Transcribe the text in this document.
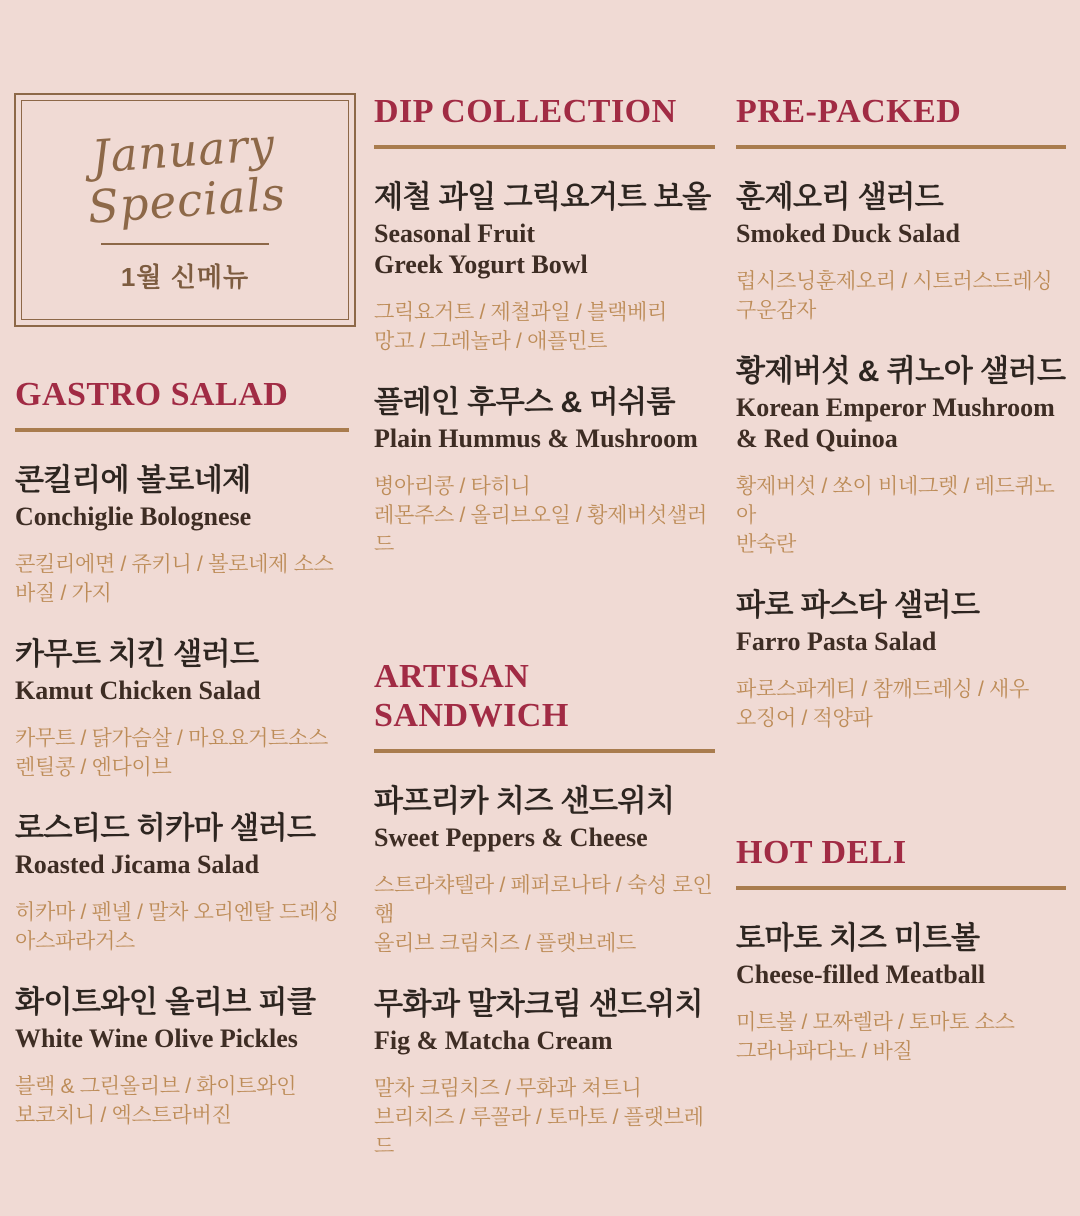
January
Specials
1월 신메뉴
GASTRO SALAD
콘킬리에 볼로네제
Conchiglie Bolognese
콘킬리에면 / 쥬키니 / 볼로네제 소스
바질 / 가지
카무트 치킨 샐러드
Kamut Chicken Salad
카무트 / 닭가슴살 / 마요요거트소스
렌틸콩 / 엔다이브
로스티드 히카마 샐러드
Roasted Jicama Salad
히카마 / 펜넬 / 말차 오리엔탈 드레싱
아스파라거스
화이트와인 올리브 피클
White Wine Olive Pickles
블랙 & 그린올리브 / 화이트와인
보코치니 / 엑스트라버진
DIP COLLECTION
제철 과일 그릭요거트 보올
Seasonal Fruit
Greek Yogurt Bowl
그릭요거트 / 제철과일 / 블랙베리
망고 / 그레놀라 / 애플민트
플레인 후무스 & 머쉬룸
Plain Hummus & Mushroom
병아리콩 / 타히니
레몬주스 / 올리브오일 / 황제버섯샐러드
ARTISAN SANDWICH
파프리카 치즈 샌드위치
Sweet Peppers & Cheese
스트라챠텔라 / 페퍼로나타 / 숙성 로인 햄
올리브 크림치즈 / 플랫브레드
무화과 말차크림 샌드위치
Fig & Matcha Cream
말차 크림치즈 / 무화과 쳐트니
브리치즈 / 루꼴라 / 토마토 / 플랫브레드
PRE-PACKED
훈제오리 샐러드
Smoked Duck Salad
럽시즈닝훈제오리 / 시트러스드레싱
구운감자
황제버섯 & 퀴노아 샐러드
Korean Emperor Mushroom
& Red Quinoa
황제버섯 / 쏘이 비네그렛 / 레드퀴노아
반숙란
파로 파스타 샐러드
Farro Pasta Salad
파로스파게티 / 참깨드레싱 / 새우
오징어 / 적양파
HOT DELI
토마토 치즈 미트볼
Cheese-filled Meatball
미트볼 / 모짜렐라 / 토마토 소스
그라나파다노 / 바질
